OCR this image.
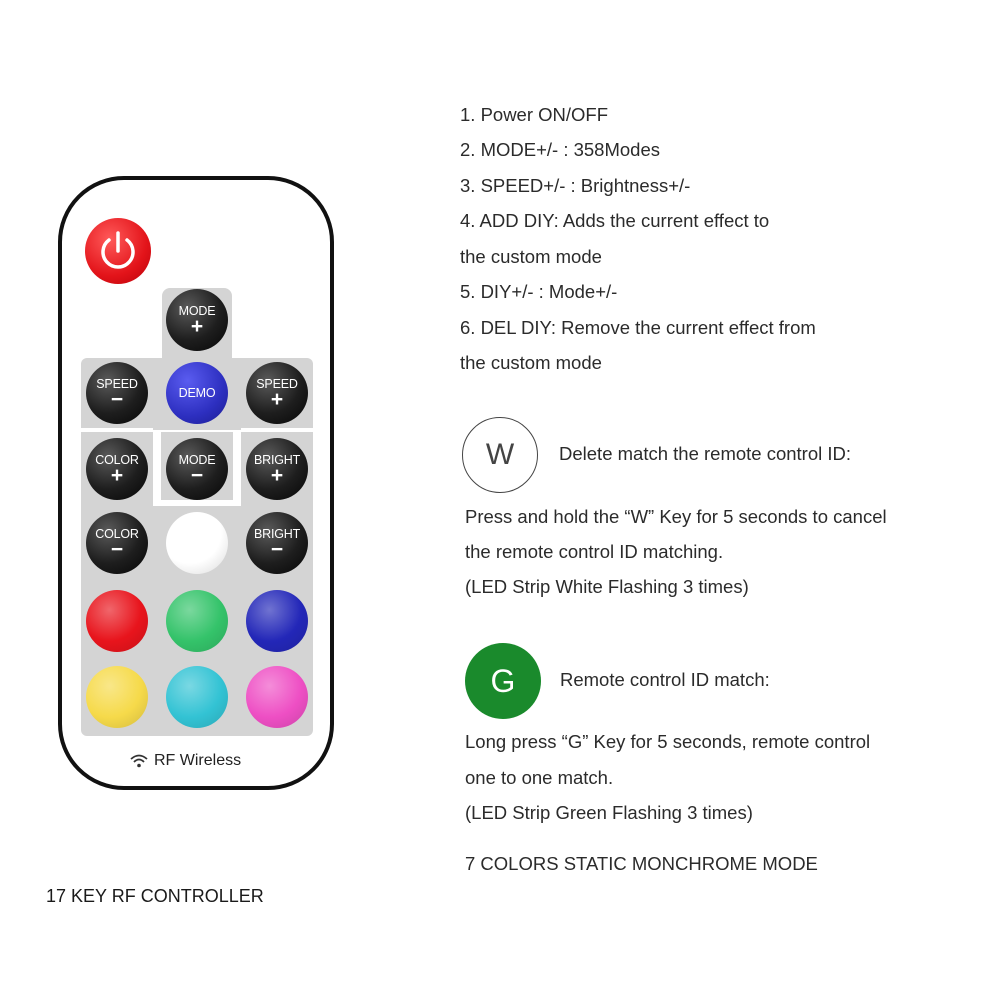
MODE
+
SPEED
−	DEMO
SPEED
+
COLOR
+
MODE
−
BRIGHT
+
COLOR
−
BRIGHT
−
RF Wireless
17 KEY RF CONTROLLER
1. Power ON/OFF
2. MODE+/- : 358Modes
3. SPEED+/- : Brightness+/-
4. ADD DIY: Adds the current effect to
the custom mode
5. DIY+/- : Mode+/-
6. DEL DIY: Remove the current effect from
the custom mode
W Delete match the remote control ID:
Press and hold the “W” Key for 5 seconds to cancel
the remote control ID matching.
(LED Strip White Flashing 3 times)
G Remote control ID match:
Long press “G” Key for 5 seconds, remote control
one to one match.
(LED Strip Green Flashing 3 times)
7 COLORS STATIC MONCHROME MODE
